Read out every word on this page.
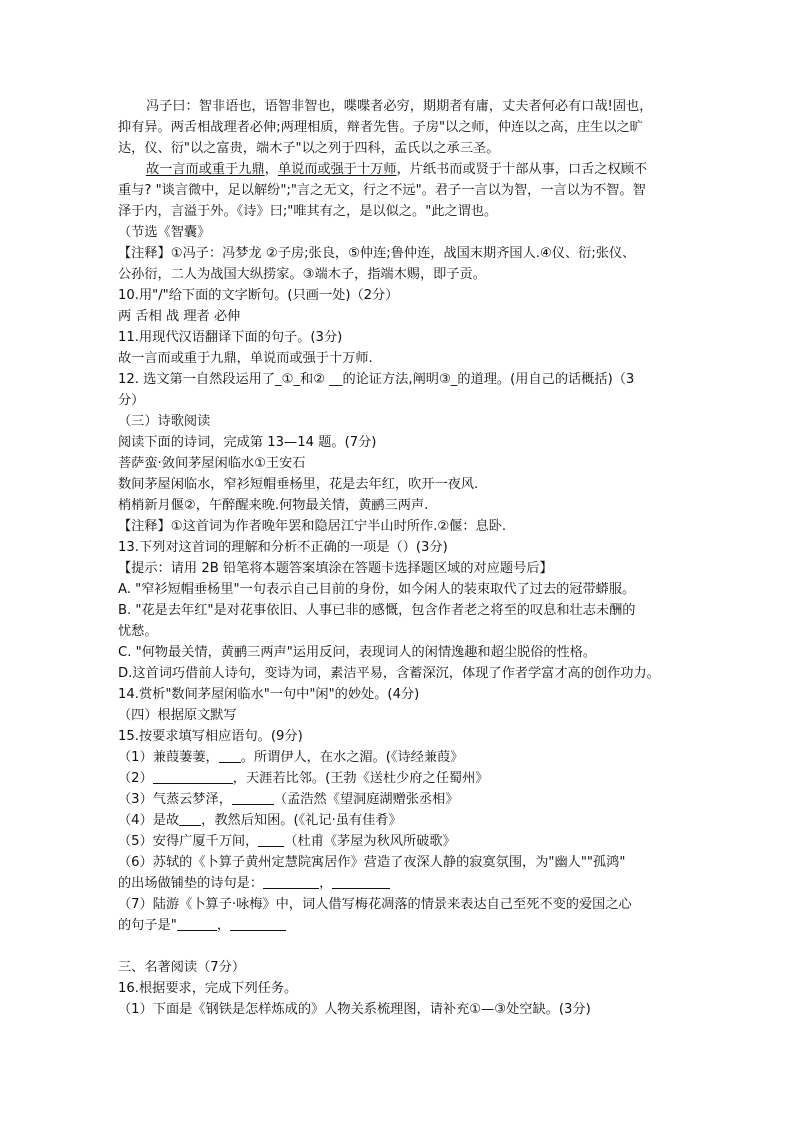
冯子曰：智非语也，语智非智也，喋喋者必穷，期期者有庸，丈夫者何必有口哉!固也，
抑有异。两舌相战理者必伸;两理相质，辩者先售。子房"以之师，仲连以之高，庄生以之旷
达，仪、衍"以之富贵，端木子"以之列于四科，孟氏以之承三圣。
故一言而或重于九鼎，单说而或强于十万师，片纸书而或贤于十部从事，口舌之权顾不
重与? "谈言微中，足以解纷";"言之无文，行之不远"。君子一言以为智，一言以为不智。智
泽于内，言溢于外。《诗》曰;"唯其有之，是以似之。"此之谓也。
（节选《智囊》
【注释】①冯子：冯梦龙 ②子房;张良，⑤仲连;鲁仲连，战国末期齐国人.④仪、衍;张仪、
公孙衍，二人为战国大纵捞家。③端木子，指端木赐，即子贡。
10.用"/"给下面的文字断句。(只画一处)（2分）
两 舌相 战 理者 必伸
11.用现代汉语翻译下面的句子。(3分)
故一言而或重于九鼎，单说而或强于十万师.
12. 选文第一自然段运用了_①_和② __的论证方法,阐明③_的道理。(用自己的话概括)（3
分）
（三）诗歌阅读
阅读下面的诗词，完成第 13—14 题。(7分)
菩萨蛮·敛间茅屋闲临水①王安石
数间茅屋闲临水，窄衫短帽垂杨里，花是去年红，吹开一夜风.
梢梢新月偃②，午醉醒来晚.何物最关情，黄鹂三两声.
【注释】①这首词为作者晚年罢和隐居江宁半山时所作.②偃：息卧.
13.下列对这首词的理解和分析不正确的一项是（）(3分)
【提示：请用 2B 铅笔将本题答案填涂在答题卡选择题区域的对应题号后】
A. "窄衫短帽垂杨里"一句表示自己目前的身份，如今闲人的装束取代了过去的冠带蟒服。
B. "花是去年红"是对花事依旧、人事已非的感慨，包含作者老之将至的叹息和壮志未酬的
忧愁。
C. "何物最关情，黄鹂三两声"运用反问，表现词人的闲情逸趣和超尘脱俗的性格。
D.这首词巧借前人诗句，变诗为词，素洁平易，含蓄深沉，体现了作者学富才高的创作功力。
14.赏析"数间茅屋闲临水"一句中"闲"的妙处。(4分)
（四）根据原文默写
15.按要求填写相应语句。(9分)
（1）兼葭萋萋， 。所谓伊人，在水之湄。(《诗经兼葭》
（2）	，天涯若比邻。(王勃《送杜少府之任蜀州》
（3）气蒸云梦泽，	（孟浩然《望洞庭湖赠张丞相》
（4）是故 ，教然后知困。(《礼记·虽有佳肴》
（5）安得广厦千万间， （杜甫《茅屋为秋风所破歌》
（6）苏轼的《卜算子黄州定慧院寓居作》营造了夜深人静的寂寞氛围，为"幽人""孤鸿"
的出场做铺垫的诗句是：	，
（7）陆游《卜算子·咏梅》中，词人借写梅花凋落的情景来表达自己至死不变的爱国之心
的句子是"	，
三、名著阅读（7分）
16.根据要求，完成下列任务。
（1）下面是《钢铁是怎样炼成的》人物关系梳理图，请补充①—③处空缺。(3分)
